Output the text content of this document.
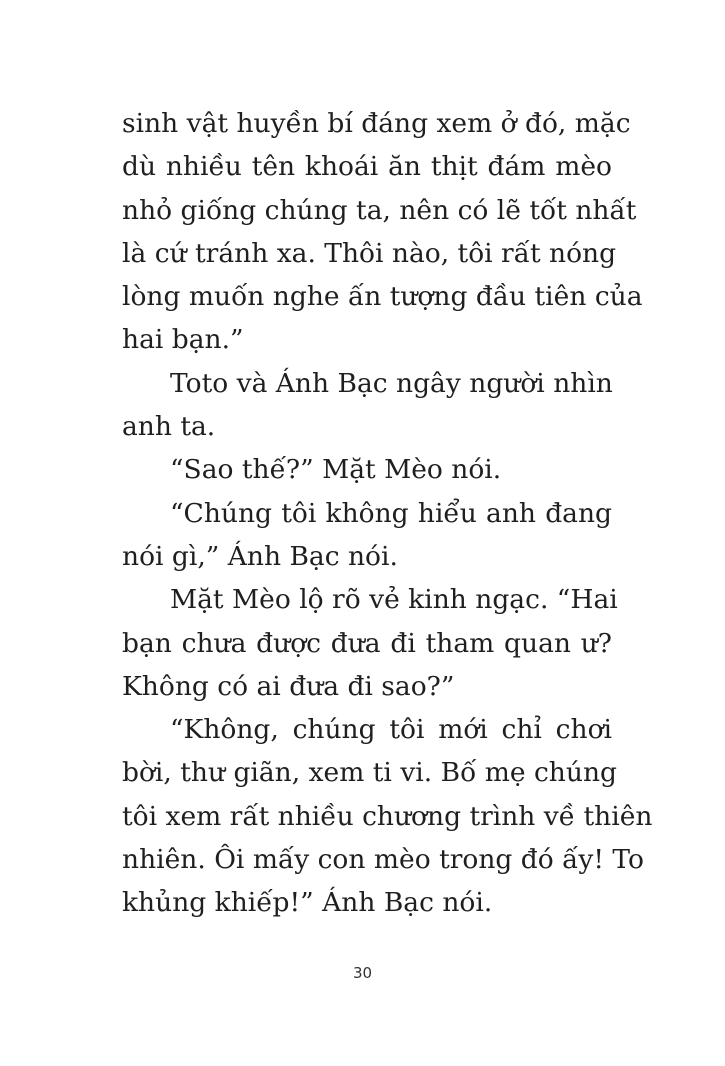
sinh vật huyền bí đáng xem ở đó, mặc
dù nhiều tên khoái ăn thịt đám mèo
nhỏ giống chúng ta, nên có lẽ tốt nhất
là cứ tránh xa. Thôi nào, tôi rất nóng
lòng muốn nghe ấn tượng đầu tiên của
hai bạn.”
Toto và Ánh Bạc ngây người nhìn
anh ta.
“Sao thế?” Mặt Mèo nói.
“Chúng tôi không hiểu anh đang
nói gì,” Ánh Bạc nói.
Mặt Mèo lộ rõ vẻ kinh ngạc. “Hai
bạn chưa được đưa đi tham quan ư?
Không có ai đưa đi sao?”
“Không, chúng tôi mới chỉ chơi
bời, thư giãn, xem ti vi. Bố mẹ chúng
tôi xem rất nhiều chương trình về thiên
nhiên. Ôi mấy con mèo trong đó ấy! To
khủng khiếp!” Ánh Bạc nói.
30
